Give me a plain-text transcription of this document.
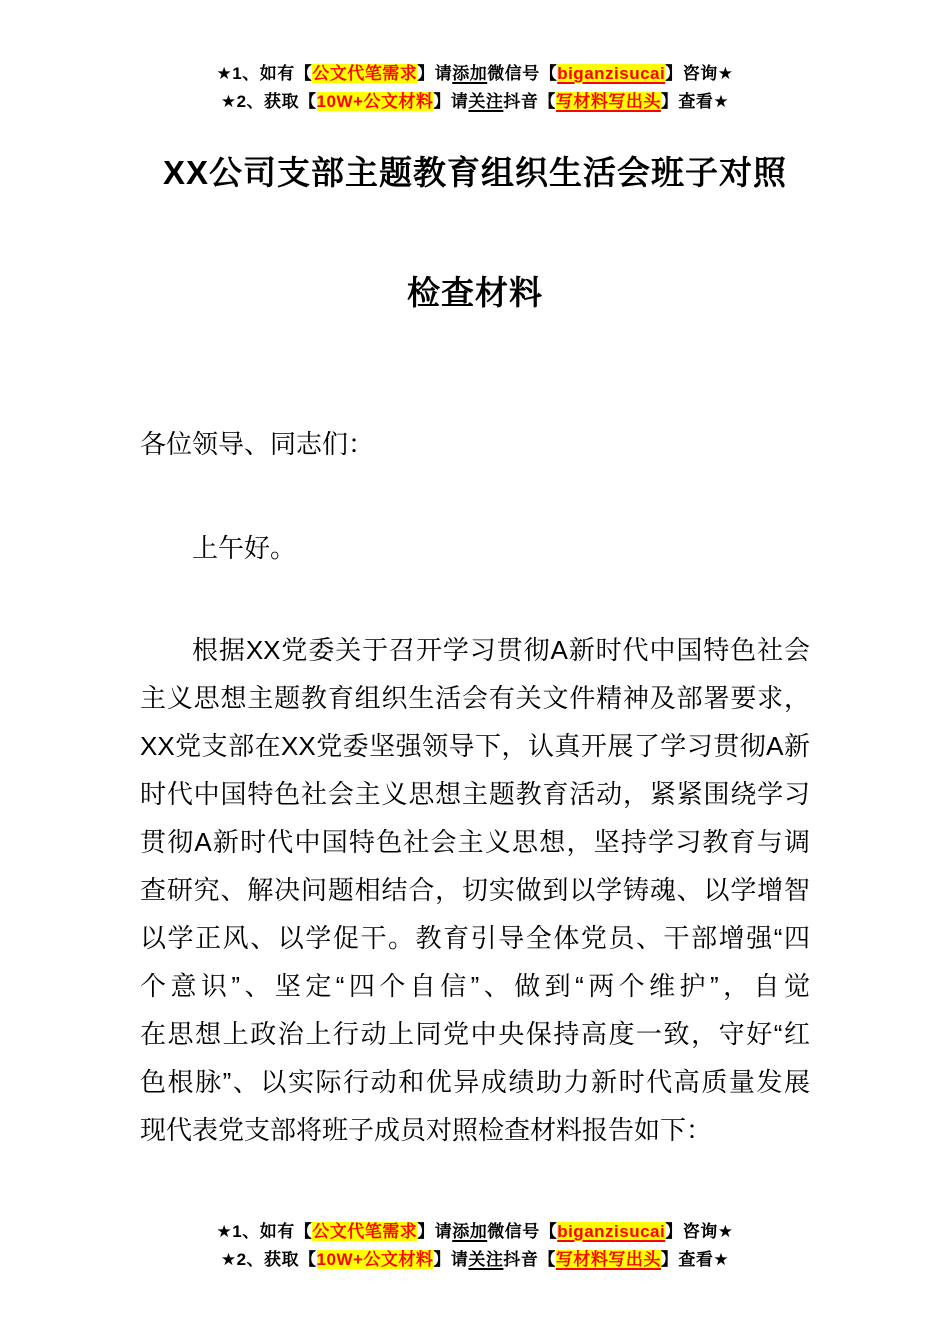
★1、如有【公文代笔需求】请添加微信号【biganzisucai】咨询★
★2、获取【10W+公文材料】请关注抖音【写材料写出头】查看★
XX公司支部主题教育组织生活会班子对照
检查材料
各位领导、同志们：
上午好。
根据XX党委关于召开学习贯彻A新时代中国特色社会
主义思想主题教育组织生活会有关文件精神及部署要求，
XX党支部在XX党委坚强领导下，认真开展了学习贯彻A新
时代中国特色社会主义思想主题教育活动，紧紧围绕学习
贯彻A新时代中国特色社会主义思想，坚持学习教育与调
查研究、解决问题相结合，切实做到以学铸魂、以学增智
以学正风、以学促干。教育引导全体党员、干部增强“四
个意识”、坚定“四个自信”、做到“两个维护”，自觉
在思想上政治上行动上同党中央保持高度一致，守好“红
色根脉”、以实际行动和优异成绩助力新时代高质量发展
现代表党支部将班子成员对照检查材料报告如下：
★1、如有【公文代笔需求】请添加微信号【biganzisucai】咨询★
★2、获取【10W+公文材料】请关注抖音【写材料写出头】查看★
